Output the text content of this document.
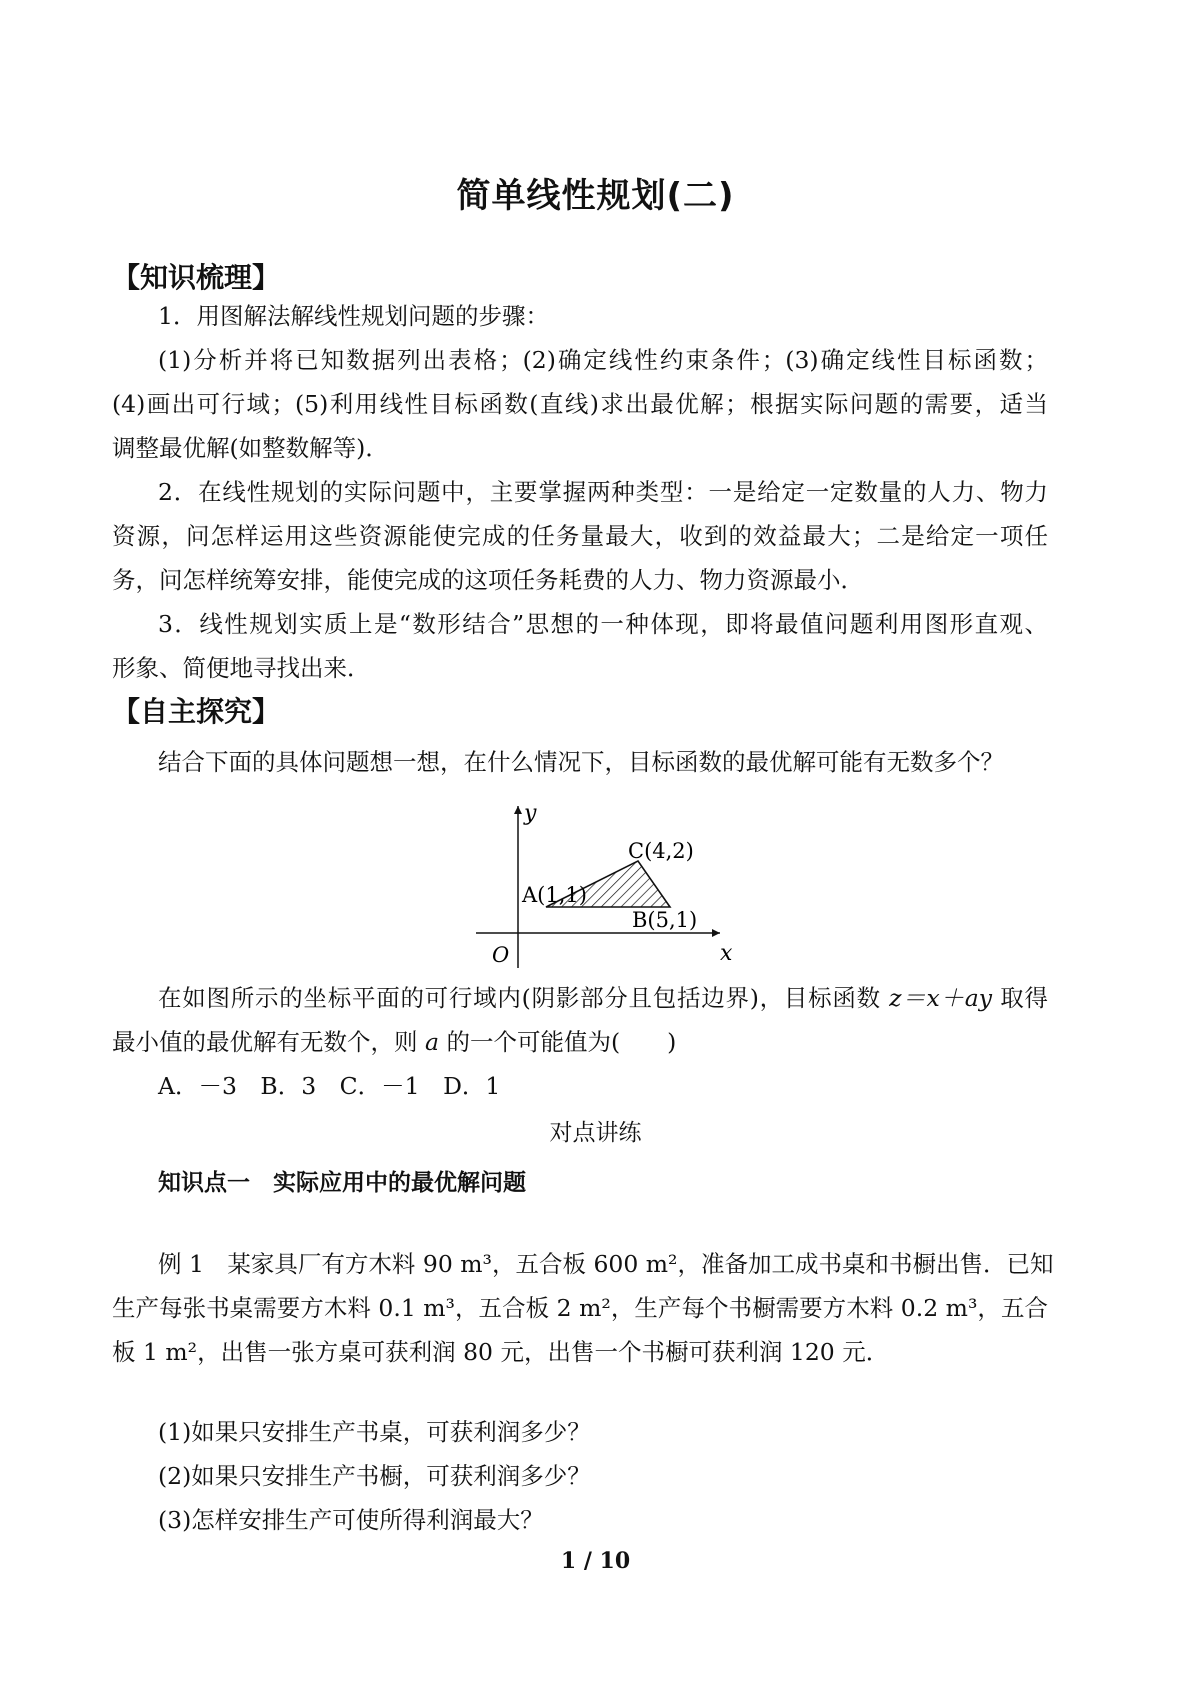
简单线性规划(二)
【知识梳理】
1．用图解法解线性规划问题的步骤：
(1)分析并将已知数据列出表格；(2)确定线性约束条件；(3)确定线性目标函数；
(4)画出可行域；(5)利用线性目标函数(直线)求出最优解；根据实际问题的需要，适当
调整最优解(如整数解等)．
2．在线性规划的实际问题中，主要掌握两种类型：一是给定一定数量的人力、物力
资源，问怎样运用这些资源能使完成的任务量最大，收到的效益最大；二是给定一项任
务，问怎样统筹安排，能使完成的这项任务耗费的人力、物力资源最小．
3．线性规划实质上是“数形结合”思想的一种体现，即将最值问题利用图形直观、
形象、简便地寻找出来．
【自主探究】
结合下面的具体问题想一想，在什么情况下，目标函数的最优解可能有无数多个？
y
x
O
A(1,1)
B(5,1)
C(4,2)
在如图所示的坐标平面的可行域内(阴影部分且包括边界)，目标函数 z＝x＋ay 取得
最小值的最优解有无数个，则 a 的一个可能值为(　　)
A．－3　B．3　C．－1　D．1
对点讲练
知识点一　实际应用中的最优解问题
例 1　某家具厂有方木料 90 m³，五合板 600 m²，准备加工成书桌和书橱出售．已知
生产每张书桌需要方木料 0.1 m³，五合板 2 m²，生产每个书橱需要方木料 0.2 m³，五合
板 1 m²，出售一张方桌可获利润 80 元，出售一个书橱可获利润 120 元．
(1)如果只安排生产书桌，可获利润多少？
(2)如果只安排生产书橱，可获利润多少？
(3)怎样安排生产可使所得利润最大？
1 / 10
